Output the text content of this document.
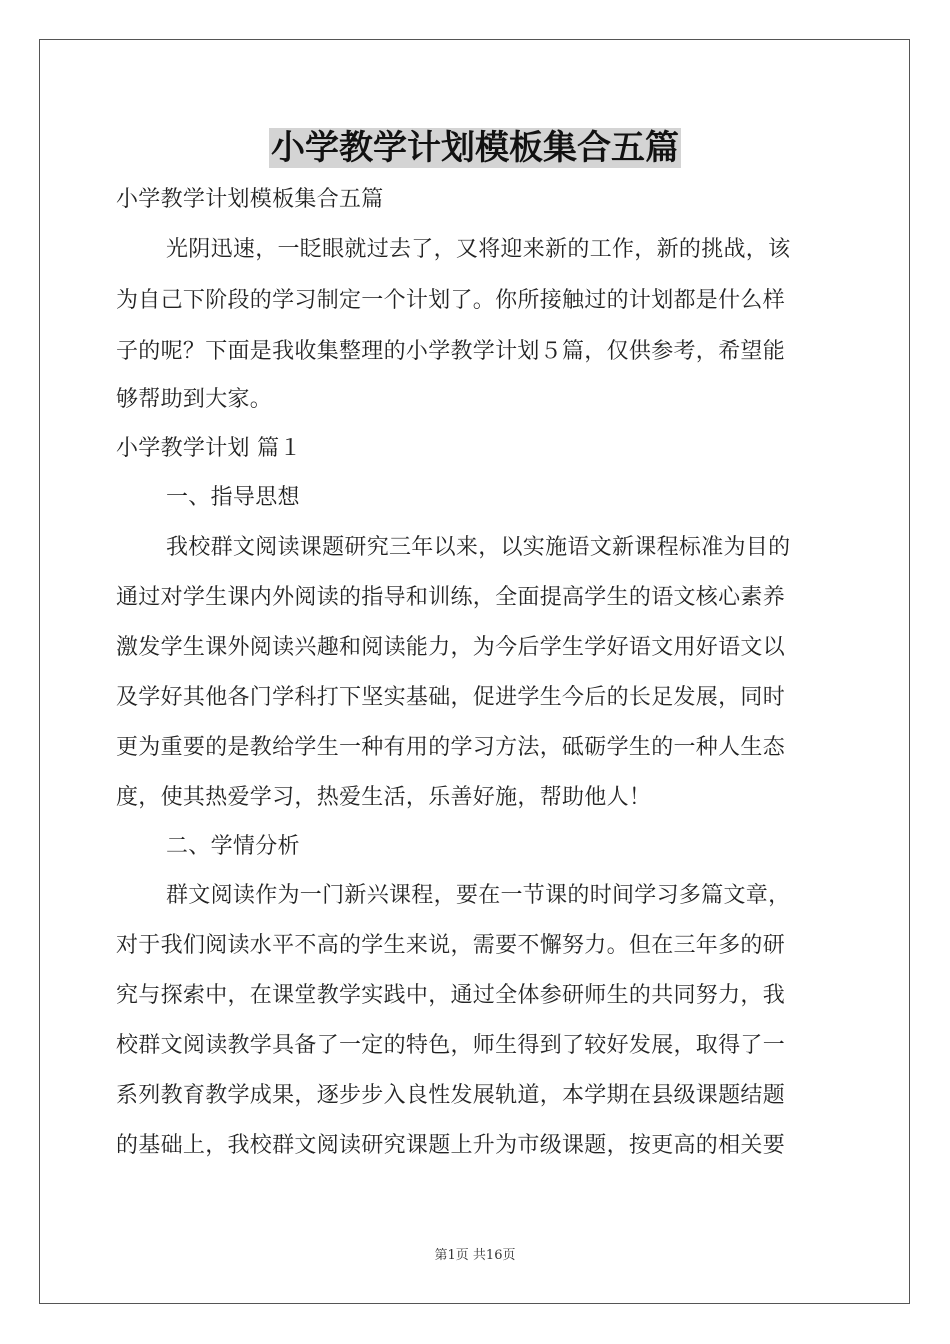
小学教学计划模板集合五篇
小学教学计划模板集合五篇
光阴迅速，一眨眼就过去了，又将迎来新的工作，新的挑战，该
为自己下阶段的学习制定一个计划了。你所接触过的计划都是什么样
子的呢？下面是我收集整理的小学教学计划５篇，仅供参考，希望能
够帮助到大家。
小学教学计划 篇１
一、指导思想
我校群文阅读课题研究三年以来，以实施语文新课程标准为目的
通过对学生课内外阅读的指导和训练，全面提高学生的语文核心素养
激发学生课外阅读兴趣和阅读能力，为今后学生学好语文用好语文以
及学好其他各门学科打下坚实基础，促进学生今后的长足发展，同时
更为重要的是教给学生一种有用的学习方法，砥砺学生的一种人生态
度，使其热爱学习，热爱生活，乐善好施，帮助他人！
二、学情分析
群文阅读作为一门新兴课程，要在一节课的时间学习多篇文章，
对于我们阅读水平不高的学生来说，需要不懈努力。但在三年多的研
究与探索中，在课堂教学实践中，通过全体参研师生的共同努力，我
校群文阅读教学具备了一定的特色，师生得到了较好发展，取得了一
系列教育教学成果，逐步步入良性发展轨道，本学期在县级课题结题
的基础上，我校群文阅读研究课题上升为市级课题，按更高的相关要
第1页 共16页
